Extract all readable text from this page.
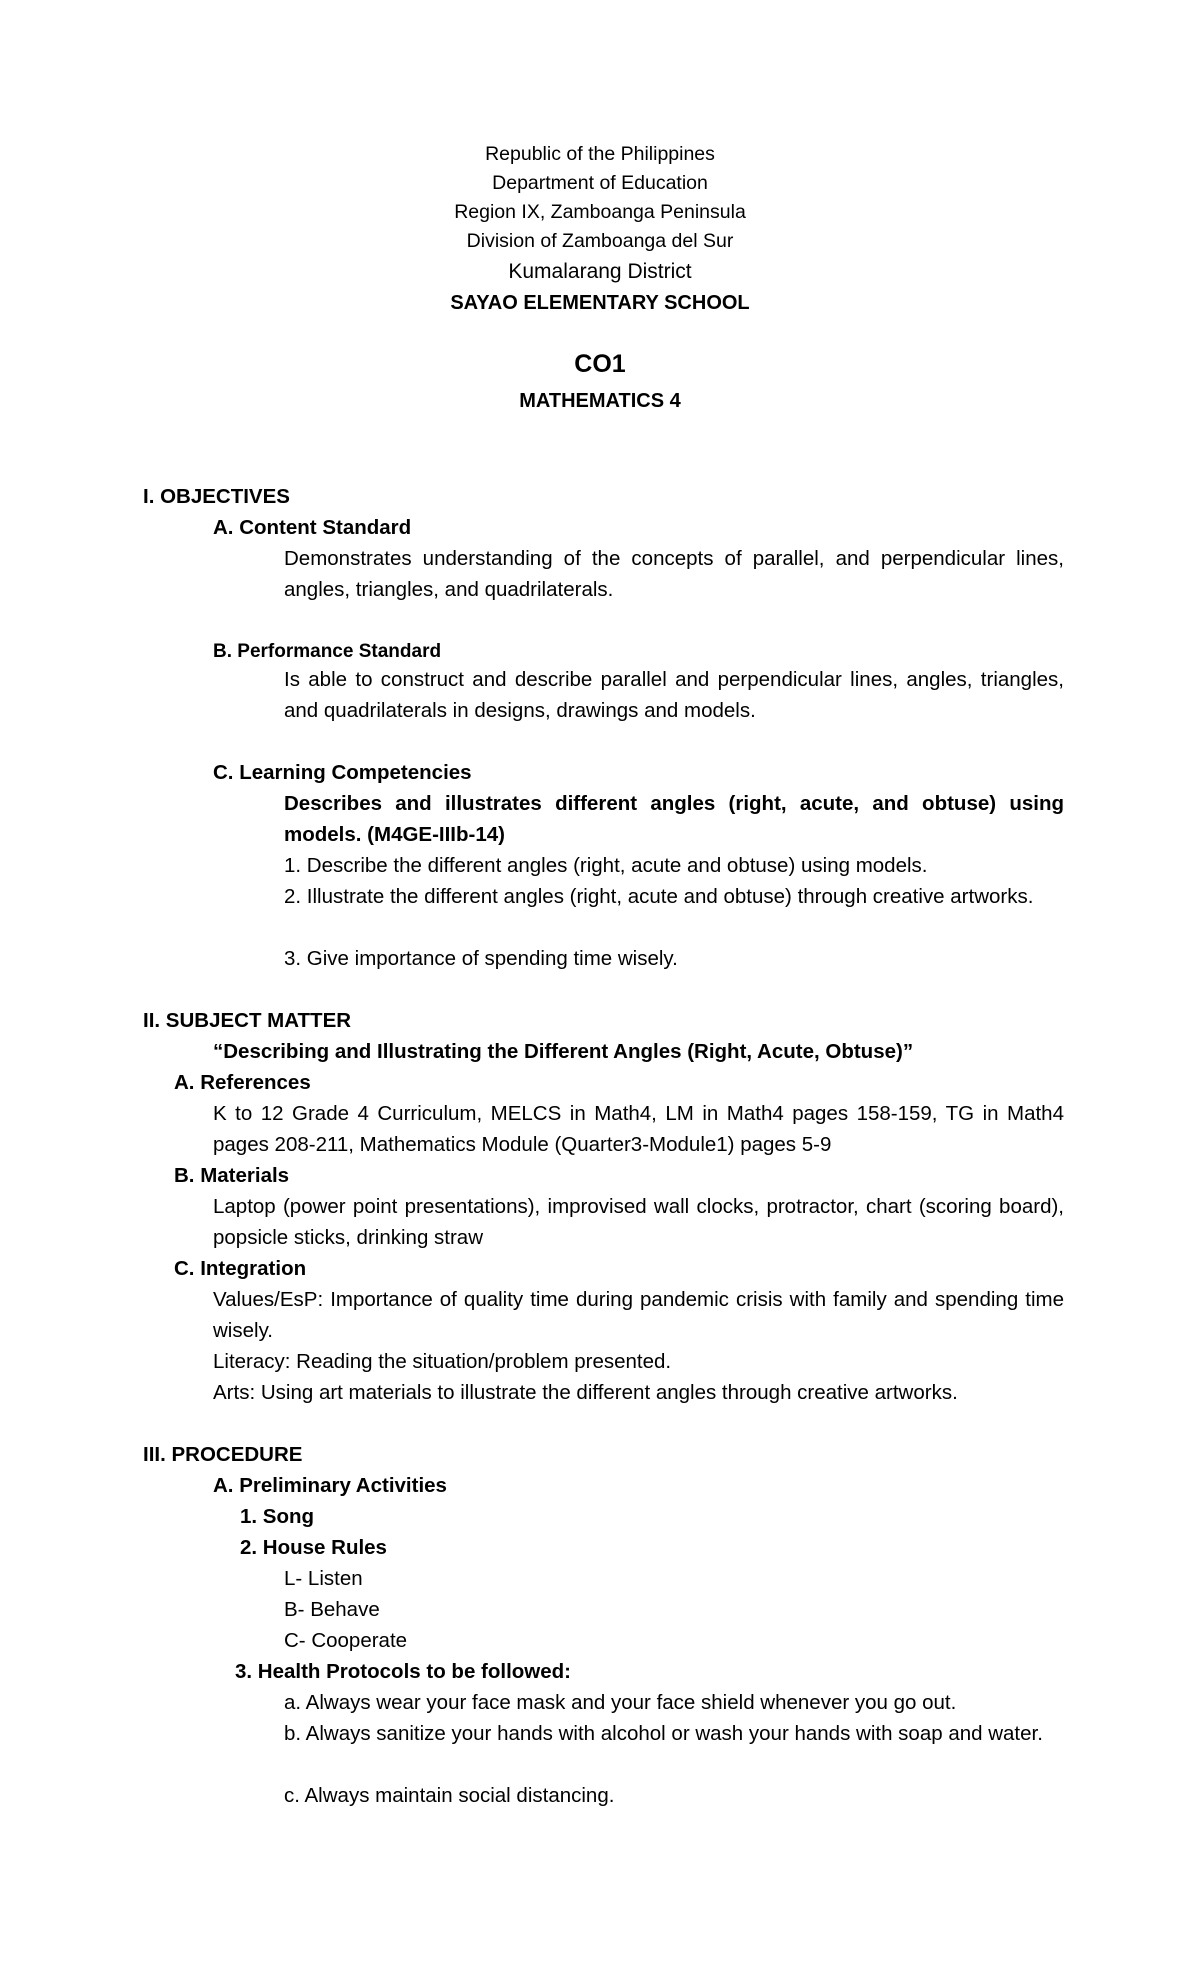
Republic of the Philippines
Department of Education
Region IX, Zamboanga Peninsula
Division of Zamboanga del Sur
Kumalarang District
SAYAO ELEMENTARY SCHOOL
CO1
MATHEMATICS 4
I. OBJECTIVES
A. Content Standard
Demonstrates understanding of the concepts of parallel, and perpendicular lines, angles, triangles, and quadrilaterals.
B. Performance Standard
Is able to construct and describe parallel and perpendicular lines, angles, triangles, and quadrilaterals in designs, drawings and models.
C. Learning Competencies
Describes and illustrates different angles (right, acute, and obtuse) using models. (M4GE-IIIb-14)
1. Describe the different angles (right, acute and obtuse) using models.
2. Illustrate the different angles (right, acute and obtuse) through creative artworks.
3. Give importance of spending time wisely.
II. SUBJECT MATTER
“Describing and Illustrating the Different Angles (Right, Acute, Obtuse)”
A. References
K to 12 Grade 4 Curriculum, MELCS in Math4, LM in Math4 pages 158-159, TG in Math4 pages 208-211, Mathematics Module (Quarter3-Module1) pages 5-9
B. Materials
Laptop (power point presentations), improvised wall clocks, protractor, chart (scoring board), popsicle sticks, drinking straw
C. Integration
Values/EsP: Importance of quality time during pandemic crisis with family and spending time wisely.
Literacy: Reading the situation/problem presented.
Arts: Using art materials to illustrate the different angles through creative artworks.
III. PROCEDURE
A. Preliminary Activities
1. Song
2. House Rules
L- Listen
B- Behave
C- Cooperate
3. Health Protocols to be followed:
a. Always wear your face mask and your face shield whenever you go out.
b. Always sanitize your hands with alcohol or wash your hands with soap and water.
c. Always maintain social distancing.
